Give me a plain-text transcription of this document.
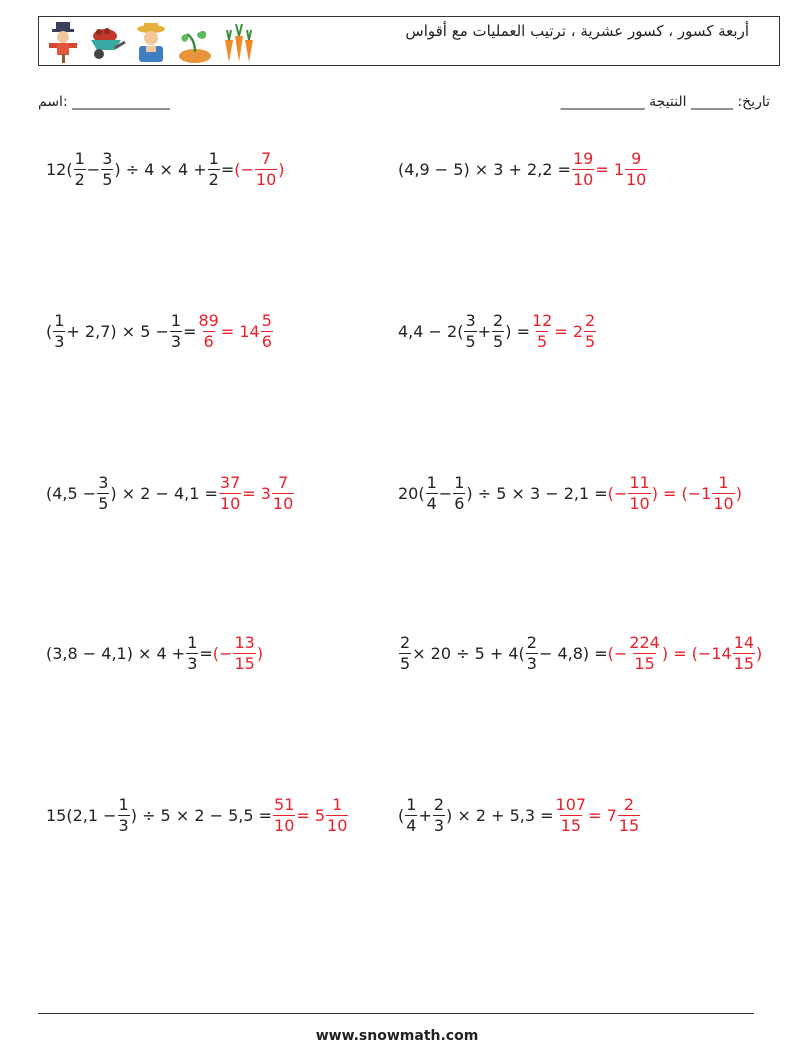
أربعة كسور ، كسور عشرية ، ترتيب العمليات مع أقواس
اسم: ______________	تاريخ: ______ النتيجة ____________
$12( \frac{1}{2} - \frac{3}{5}$ ) ÷ $4 \times 4 + \frac{1}{2}$ = (− $\frac{7}{10}$ )	$(4,9 - 5) \times 3 + 2,2 = \frac{19}{10} = 1 \frac{9}{10}$
( $\frac{1}{3} + 2,7) \times 5 - \frac{1}{3} = \frac{89}{6} = 14 \frac{5}{6}$	$4,4 - 2( \frac{3}{5} + \frac{2}{5}$ ) = $\frac{12}{5} = 2 \frac{2}{5}$
($4,5 - \frac{3}{5}$ ) × $2 - 4,1 = \frac{37}{10} = 3 \frac{7}{10}$	$20( \frac{1}{4} - \frac{1}{6}$ ) ÷ 5 × 3 − 2,1 = (− $\frac{11}{10}$ ) = ($-1 \frac{1}{10}$ )
$(3,8 - 4,1) \times 4 + \frac{1}{3}$ = (− $\frac{13}{15}$ )	$\frac{2}{5} \times 20 \div 5 + 4( \frac{2}{3} - 4,8)$ = (− $\frac{224}{15}$ ) = ($-14 \frac{14}{15}$ )
$15(2,1 - \frac{1}{3}$ ) ÷ $5 \times 2 - 5,5 = \frac{51}{10} = 5 \frac{1}{10}$	( $\frac{1}{4} + \frac{2}{3}$ ) × $2 + 5,3 = \frac{107}{15} = 7 \frac{2}{15}$
www.snowmath.com
